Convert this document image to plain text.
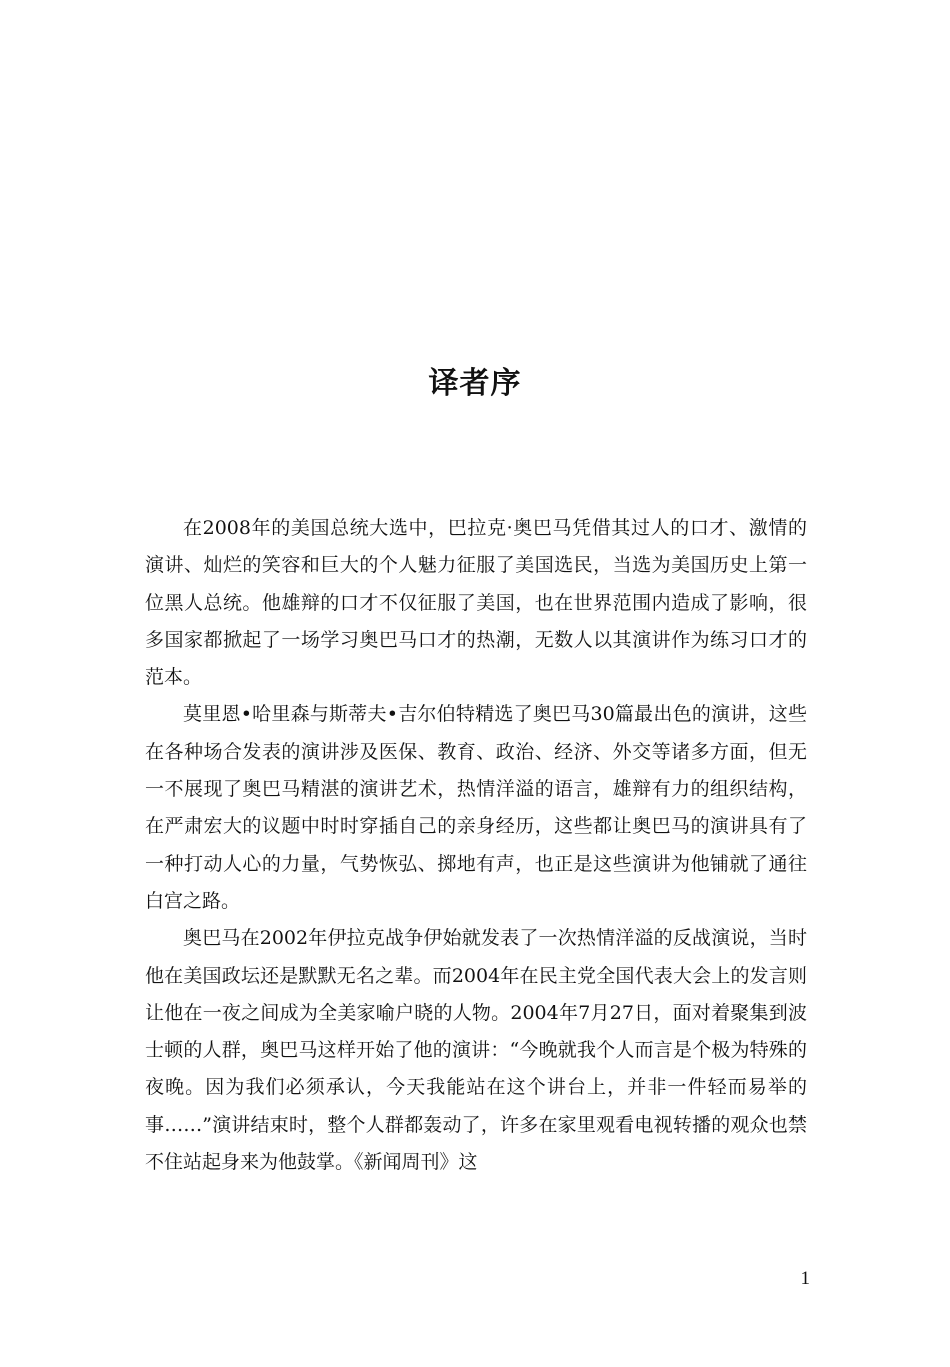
译者序

在2008年的美国总统大选中，巴拉克·奥巴马凭借其过人的口才、激情的演讲、灿烂的笑容和巨大的个人魅力征服了美国选民，当选为美国历史上第一位黑人总统。他雄辩的口才不仅征服了美国，也在世界范围内造成了影响，很多国家都掀起了一场学习奥巴马口才的热潮，无数人以其演讲作为练习口才的范本。

莫里恩•哈里森与斯蒂夫•吉尔伯特精选了奥巴马30篇最出色的演讲，这些在各种场合发表的演讲涉及医保、教育、政治、经济、外交等诸多方面，但无一不展现了奥巴马精湛的演讲艺术，热情洋溢的语言，雄辩有力的组织结构，在严肃宏大的议题中时时穿插自己的亲身经历，这些都让奥巴马的演讲具有了一种打动人心的力量，气势恢弘、掷地有声，也正是这些演讲为他铺就了通往白宫之路。

奥巴马在2002年伊拉克战争伊始就发表了一次热情洋溢的反战演说，当时他在美国政坛还是默默无名之辈。而2004年在民主党全国代表大会上的发言则让他在一夜之间成为全美家喻户晓的人物。2004年7月27日，面对着聚集到波士顿的人群，奥巴马这样开始了他的演讲：“今晚就我个人而言是个极为特殊的夜晚。因为我们必须承认，今天我能站在这个讲台上，并非一件轻而易举的事……”演讲结束时，整个人群都轰动了，许多在家里观看电视转播的观众也禁不住站起身来为他鼓掌。《新闻周刊》这

1
